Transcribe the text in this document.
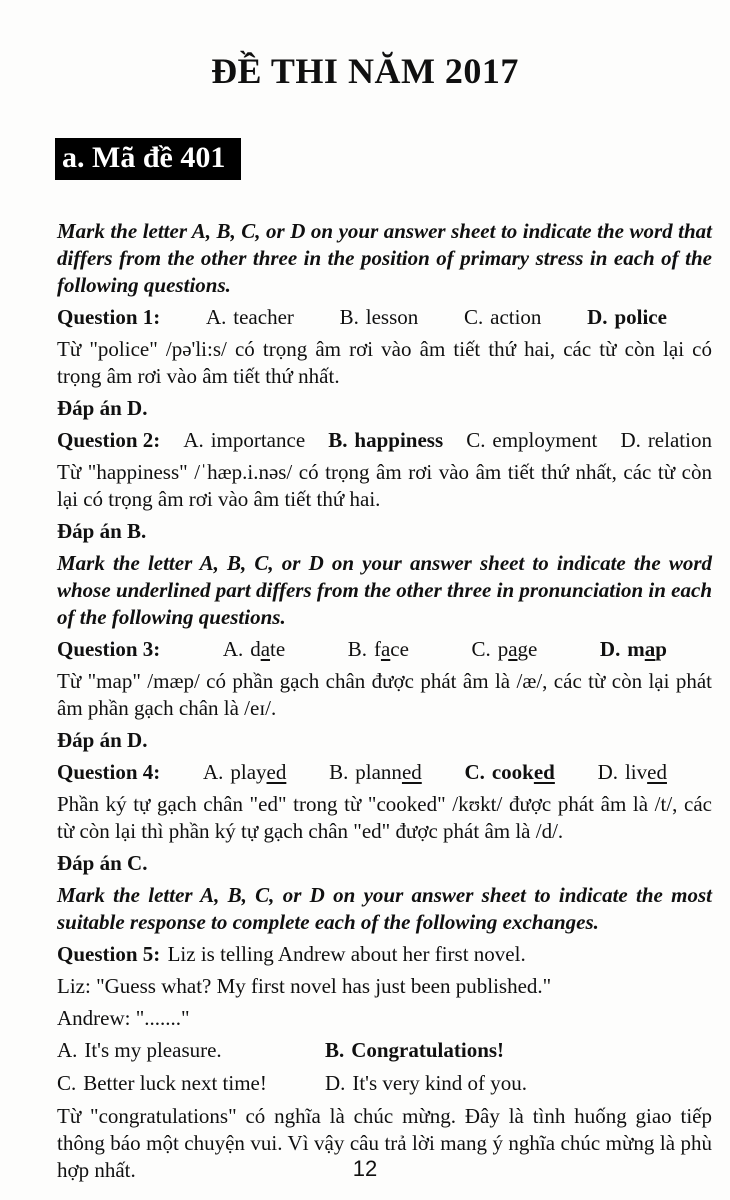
ĐỀ THI NĂM 2017
a. Mã đề 401

Mark the letter A, B, C, or D on your answer sheet to indicate the word that differs from the other three in the position of primary stress in each of the following questions.

Question 1: A. teacher B. lesson C. action D. police

Từ "police" /pə'li:s/ có trọng âm rơi vào âm tiết thứ hai, các từ còn lại có trọng âm rơi vào âm tiết thứ nhất.

Đáp án D.

Question 2: A. importance B. happiness C. employment D. relation

Từ "happiness" /ˈhæp.i.nəs/ có trọng âm rơi vào âm tiết thứ nhất, các từ còn lại có trọng âm rơi vào âm tiết thứ hai.

Đáp án B.

Mark the letter A, B, C, or D on your answer sheet to indicate the word whose underlined part differs from the other three in pronunciation in each of the following questions.

Question 3:	A. date	B. face	C. page	D. map

Từ "map" /mæp/ có phần gạch chân được phát âm là /æ/, các từ còn lại phát âm phần gạch chân là /eɪ/.

Đáp án D.

Question 4: A. played B. planned C. cooked D. lived

Phần ký tự gạch chân "ed" trong từ "cooked" /kʊkt/ được phát âm là /t/, các từ còn lại thì phần ký tự gạch chân "ed" được phát âm là /d/.

Đáp án C.

Mark the letter A, B, C, or D on your answer sheet to indicate the most suitable response to complete each of the following exchanges.

Question 5: Liz is telling Andrew about her first novel.

Liz: "Guess what? My first novel has just been published."

Andrew: "......."

A. It's my pleasure.	B. Congratulations!
C. Better luck next time!	D. It's very kind of you.

Từ "congratulations" có nghĩa là chúc mừng. Đây là tình huống giao tiếp thông báo một chuyện vui. Vì vậy câu trả lời mang ý nghĩa chúc mừng là phù hợp nhất.	12
